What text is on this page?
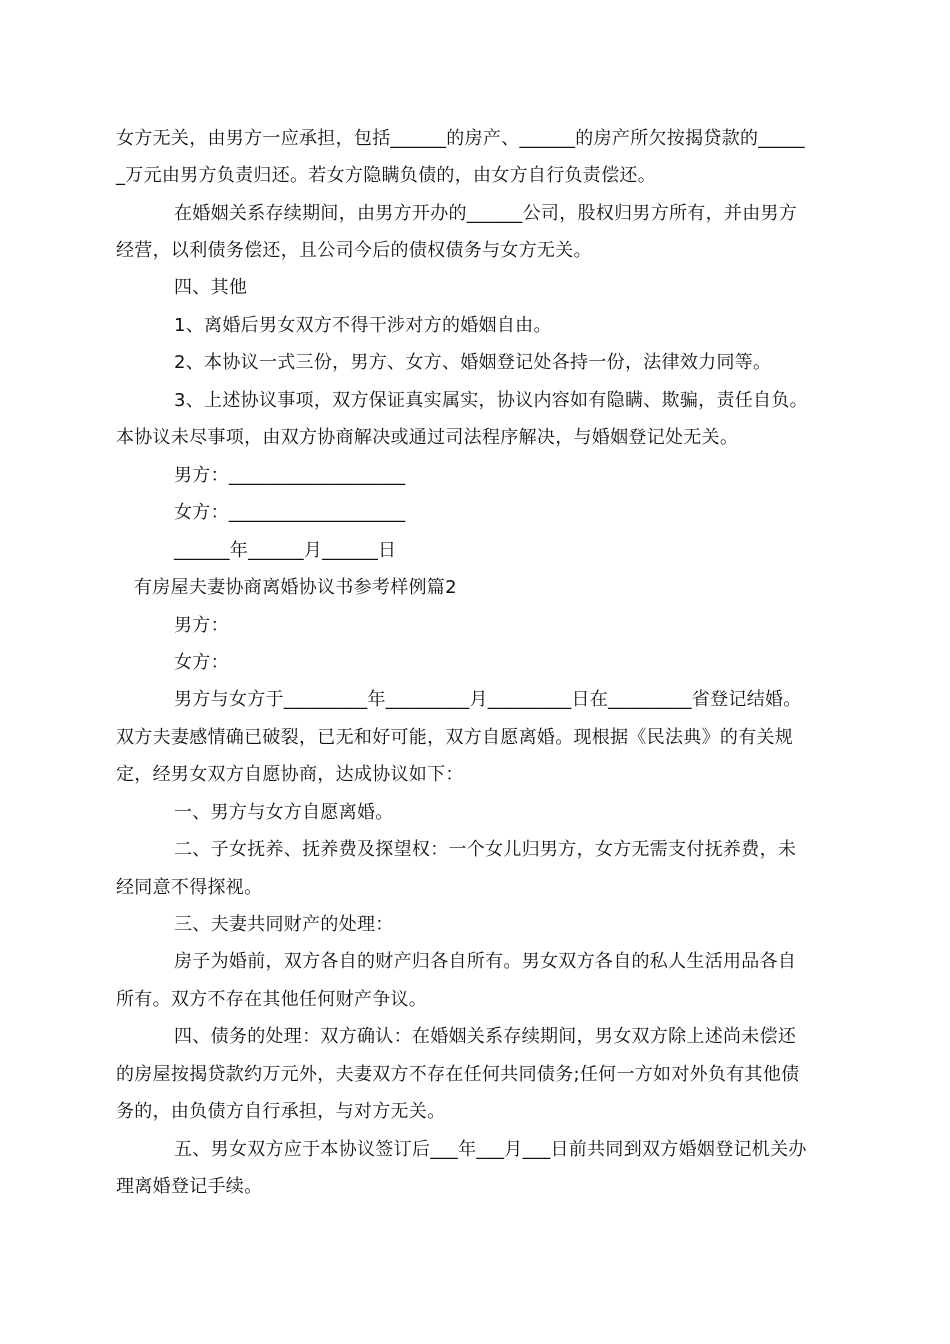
女方无关，由男方一应承担，包括______的房产、______的房产所欠按揭贷款的_____
_万元由男方负责归还。若女方隐瞒负债的，由女方自行负责偿还。
在婚姻关系存续期间，由男方开办的______公司，股权归男方所有，并由男方
经营，以利债务偿还，且公司今后的债权债务与女方无关。
四、其他
1、离婚后男女双方不得干涉对方的婚姻自由。
2、本协议一式三份，男方、女方、婚姻登记处各持一份，法律效力同等。
3、上述协议事项，双方保证真实属实，协议内容如有隐瞒、欺骗，责任自负。
本协议未尽事项，由双方协商解决或通过司法程序解决，与婚姻登记处无关。
男方：___________________
女方：___________________
______年______月______日
有房屋夫妻协商离婚协议书参考样例篇2
男方：
女方：
男方与女方于_________年_________月_________日在_________省登记结婚。
双方夫妻感情确已破裂，已无和好可能，双方自愿离婚。现根据《民法典》的有关规
定，经男女双方自愿协商，达成协议如下：
一、男方与女方自愿离婚。
二、子女抚养、抚养费及探望权：一个女儿归男方，女方无需支付抚养费，未
经同意不得探视。
三、夫妻共同财产的处理：
房子为婚前，双方各自的财产归各自所有。男女双方各自的私人生活用品各自
所有。双方不存在其他任何财产争议。
四、债务的处理：双方确认：在婚姻关系存续期间，男女双方除上述尚未偿还
的房屋按揭贷款约万元外，夫妻双方不存在任何共同债务;任何一方如对外负有其他债
务的，由负债方自行承担，与对方无关。
五、男女双方应于本协议签订后___年___月___日前共同到双方婚姻登记机关办
理离婚登记手续。
